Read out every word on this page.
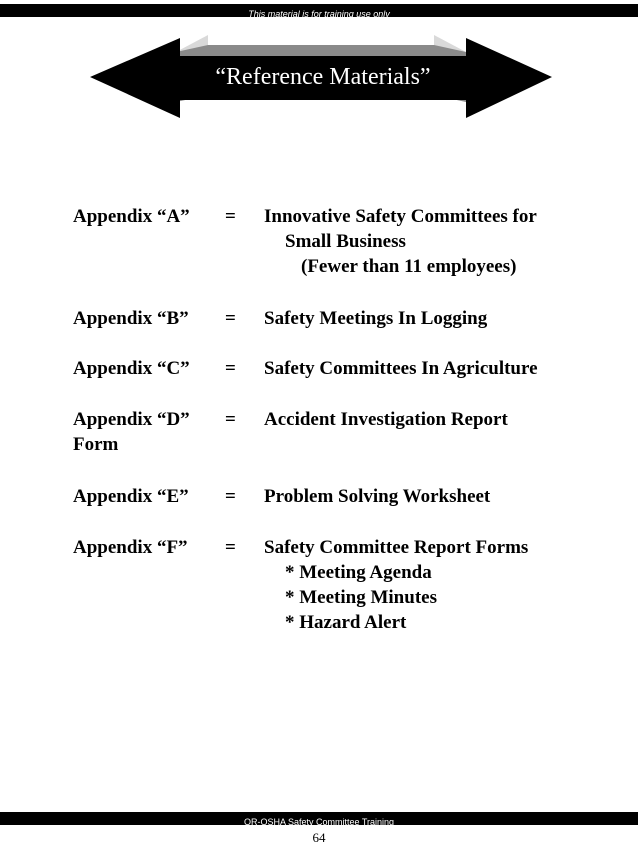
This material is for training use only
“Reference Materials”
Appendix “A” = Innovative Safety Committees for
Small Business
(Fewer than 11 employees)
Appendix “B” = Safety Meetings In Logging
Appendix “C” = Safety Committees In Agriculture
Appendix “D”
Form
= Accident Investigation Report
Appendix “E” = Problem Solving Worksheet
Appendix “F” = Safety Committee Report Forms
* Meeting Agenda
* Meeting Minutes
* Hazard Alert
OR-OSHA Safety Committee Training
64
